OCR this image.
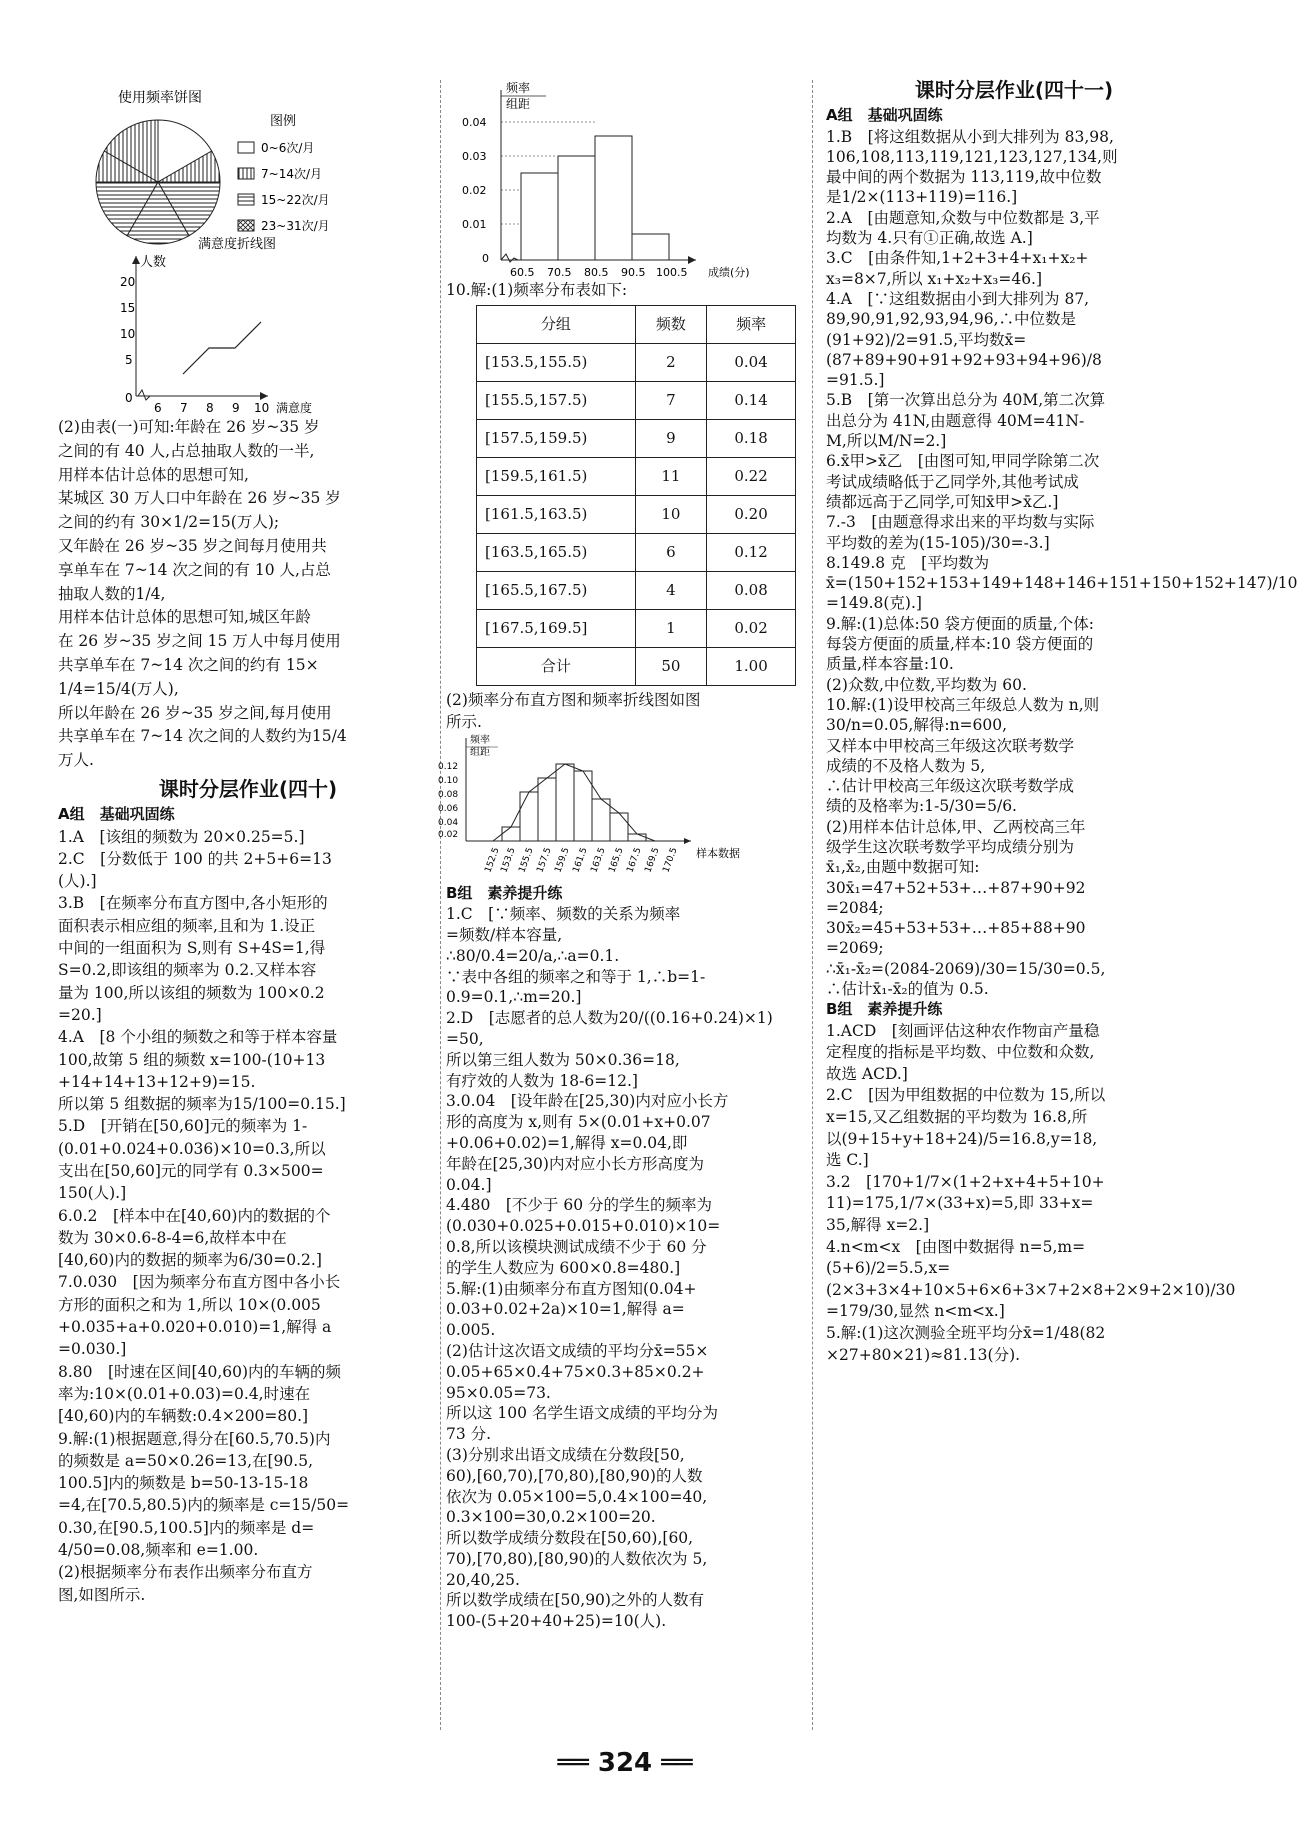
使用频率饼图
图例
0~6次/月
7~14次/月
15~22次/月
23~31次/月
满意度折线图
人数
20
15
10
5
0
6 7 8 9 10 满意度
(2)由表(一)可知:年龄在 26 岁~35 岁
之间的有 40 人,占总抽取人数的一半,
用样本估计总体的思想可知,
某城区 30 万人口中年龄在 26 岁~35 岁
之间的约有 30×1/2=15(万人);
又年龄在 26 岁~35 岁之间每月使用共
享单车在 7~14 次之间的有 10 人,占总
抽取人数的1/4,
用样本估计总体的思想可知,城区年龄
在 26 岁~35 岁之间 15 万人中每月使用
共享单车在 7~14 次之间的约有 15×
1/4=15/4(万人),
所以年龄在 26 岁~35 岁之间,每月使用
共享单车在 7~14 次之间的人数约为15/4
万人.
课时分层作业(四十)
A组　基础巩固练
1.A　[该组的频数为 20×0.25=5.]
2.C　[分数低于 100 的共 2+5+6=13
(人).]
3.B　[在频率分布直方图中,各小矩形的
面积表示相应组的频率,且和为 1.设正
中间的一组面积为 S,则有 S+4S=1,得
S=0.2,即该组的频率为 0.2.又样本容
量为 100,所以该组的频数为 100×0.2
=20.]
4.A　[8 个小组的频数之和等于样本容量
100,故第 5 组的频数 x=100-(10+13
+14+14+13+12+9)=15.
所以第 5 组数据的频率为15/100=0.15.]
5.D　[开销在[50,60]元的频率为 1-
(0.01+0.024+0.036)×10=0.3,所以
支出在[50,60]元的同学有 0.3×500=
150(人).]
6.0.2　[样本中在[40,60)内的数据的个
数为 30×0.6-8-4=6,故样本中在
[40,60)内的数据的频率为6/30=0.2.]
7.0.030　[因为频率分布直方图中各小长
方形的面积之和为 1,所以 10×(0.005
+0.035+a+0.020+0.010)=1,解得 a
=0.030.]
8.80　[时速在区间[40,60)内的车辆的频
率为:10×(0.01+0.03)=0.4,时速在
[40,60)内的车辆数:0.4×200=80.]
9.解:(1)根据题意,得分在[60.5,70.5)内
的频数是 a=50×0.26=13,在[90.5,
100.5]内的频数是 b=50-13-15-18
=4,在[70.5,80.5)内的频率是 c=15/50=
0.30,在[90.5,100.5]内的频率是 d=
4/50=0.08,频率和 e=1.00.
(2)根据频率分布表作出频率分布直方
图,如图所示.
频率
组距
0.04
0.03
0.02
0.01
0
60.5 70.5 80.5 90.5 100.5 成绩(分)
10.解:(1)频率分布表如下:
分组	频数	频率
[153.5,155.5)	2	0.04
[155.5,157.5)	7	0.14
[157.5,159.5)	9	0.18
[159.5,161.5)	11	0.22
[161.5,163.5)	10	0.20
[163.5,165.5)	6	0.12
[165.5,167.5)	4	0.08
[167.5,169.5]	1	0.02
合计	50	1.00
(2)频率分布直方图和频率折线图如图
所示.
频率
组距
0.12
0.10
0.08
0.06
0.04
0.02
152.5
153.5 155.5 157.5 159.5 161.5 163.5 165.5 167.5 169.5 170.5 样本数据
B组　素养提升练
1.C　[∵频率、频数的关系为频率
=频数/样本容量,
∴80/0.4=20/a,∴a=0.1.
∵表中各组的频率之和等于 1,∴b=1-
0.9=0.1,∴m=20.]
2.D　[志愿者的总人数为20/((0.16+0.24)×1)
=50,
所以第三组人数为 50×0.36=18,
有疗效的人数为 18-6=12.]
3.0.04　[设年龄在[25,30)内对应小长方
形的高度为 x,则有 5×(0.01+x+0.07
+0.06+0.02)=1,解得 x=0.04,即
年龄在[25,30)内对应小长方形高度为
0.04.]
4.480　[不少于 60 分的学生的频率为
(0.030+0.025+0.015+0.010)×10=
0.8,所以该模块测试成绩不少于 60 分
的学生人数应为 600×0.8=480.]
5.解:(1)由频率分布直方图知(0.04+
0.03+0.02+2a)×10=1,解得 a=
0.005.
(2)估计这次语文成绩的平均分x̄=55×
0.05+65×0.4+75×0.3+85×0.2+
95×0.05=73.
所以这 100 名学生语文成绩的平均分为
73 分.
(3)分别求出语文成绩在分数段[50,
60),[60,70),[70,80),[80,90)的人数
依次为 0.05×100=5,0.4×100=40,
0.3×100=30,0.2×100=20.
所以数学成绩分数段在[50,60),[60,
70),[70,80),[80,90)的人数依次为 5,
20,40,25.
所以数学成绩在[50,90)之外的人数有
100-(5+20+40+25)=10(人).
课时分层作业(四十一)
A组　基础巩固练
1.B　[将这组数据从小到大排列为 83,98,
106,108,113,119,121,123,127,134,则
最中间的两个数据为 113,119,故中位数
是1/2×(113+119)=116.]
2.A　[由题意知,众数与中位数都是 3,平
均数为 4.只有①正确,故选 A.]
3.C　[由条件知,1+2+3+4+x₁+x₂+
x₃=8×7,所以 x₁+x₂+x₃=46.]
4.A　[∵这组数据由小到大排列为 87,
89,90,91,92,93,94,96,∴中位数是
(91+92)/2=91.5,平均数x̄=
(87+89+90+91+92+93+94+96)/8
=91.5.]
5.B　[第一次算出总分为 40M,第二次算
出总分为 41N,由题意得 40M=41N-
M,所以M/N=2.]
6.x̄甲>x̄乙　[由图可知,甲同学除第二次
考试成绩略低于乙同学外,其他考试成
绩都远高于乙同学,可知x̄甲>x̄乙.]
7.-3　[由题意得求出来的平均数与实际
平均数的差为(15-105)/30=-3.]
8.149.8 克　[平均数为
x̄=(150+152+153+149+148+146+151+150+152+147)/10
=149.8(克).]
9.解:(1)总体:50 袋方便面的质量,个体:
每袋方便面的质量,样本:10 袋方便面的
质量,样本容量:10.
(2)众数,中位数,平均数为 60.
10.解:(1)设甲校高三年级总人数为 n,则
30/n=0.05,解得:n=600,
又样本中甲校高三年级这次联考数学
成绩的不及格人数为 5,
∴估计甲校高三年级这次联考数学成
绩的及格率为:1-5/30=5/6.
(2)用样本估计总体,甲、乙两校高三年
级学生这次联考数学平均成绩分别为
x̄₁,x̄₂,由题中数据可知:
30x̄₁=47+52+53+…+87+90+92
=2084;
30x̄₂=45+53+53+…+85+88+90
=2069;
∴x̄₁-x̄₂=(2084-2069)/30=15/30=0.5,
∴估计x̄₁-x̄₂的值为 0.5.
B组　素养提升练
1.ACD　[刻画评估这种农作物亩产量稳
定程度的指标是平均数、中位数和众数,
故选 ACD.]
2.C　[因为甲组数据的中位数为 15,所以
x=15,又乙组数据的平均数为 16.8,所
以(9+15+y+18+24)/5=16.8,y=18,
选 C.]
3.2　[170+1/7×(1+2+x+4+5+10+
11)=175,1/7×(33+x)=5,即 33+x=
35,解得 x=2.]
4.n<m<x　[由图中数据得 n=5,m=
(5+6)/2=5.5,x=
(2×3+3×4+10×5+6×6+3×7+2×8+2×9+2×10)/30
=179/30,显然 n<m<x.]
5.解:(1)这次测验全班平均分x̄=1/48(82
×27+80×21)≈81.13(分).
══ 324 ══
